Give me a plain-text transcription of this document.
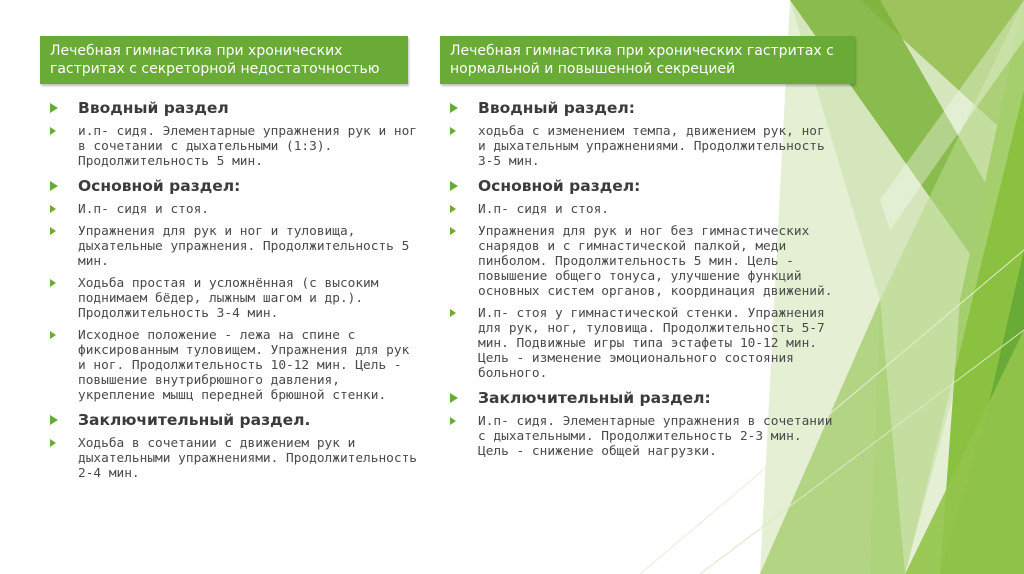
Лечебная гимнастика при хронических гастритах с секреторной недостаточностью
Вводный раздел
и.п- сидя. Элементарные упражнения рук и ног в сочетании с дыхательными (1:3). Продолжительность 5 мин.
Основной раздел:
И.п- сидя и стоя.
Упражнения для рук и ног и туловища, дыхательные упражнения. Продолжительность 5 мин.
Ходьба простая и усложнённая (с высоким поднимаем бёдер, лыжным шагом и др.). Продолжительность 3-4 мин.
Исходное положение - лежа на спине с фиксированным туловищем. Упражнения для рук и ног. Продолжительность 10-12 мин. Цель - повышение внутрибрюшного давления, укрепление мышц передней брюшной стенки.
Заключительный раздел.
Ходьба в сочетании с движением рук и дыхательными упражнениями. Продолжительность 2-4 мин.
Лечебная гимнастика при хронических гастритах с нормальной и повышенной секрецией
Вводный раздел:
ходьба с изменением темпа, движением рук, ног и дыхательным упражнениями. Продолжительность 3-5 мин.
Основной раздел:
И.п- сидя и стоя.
Упражнения для рук и ног без гимнастических снарядов и с гимнастической палкой, меди пинболом. Продолжительность 5 мин. Цель - повышение общего тонуса, улучшение функций основных систем органов, координация движений.
И.п- стоя у гимнастической стенки. Упражнения для рук, ног, туловища. Продолжительность 5-7 мин. Подвижные игры типа эстафеты 10-12 мин. Цель - изменение эмоционального состояния больного.
Заключительный раздел:
И.п- сидя. Элементарные упражнения в сочетании с дыхательными. Продолжительность 2-3 мин. Цель - снижение общей нагрузки.
